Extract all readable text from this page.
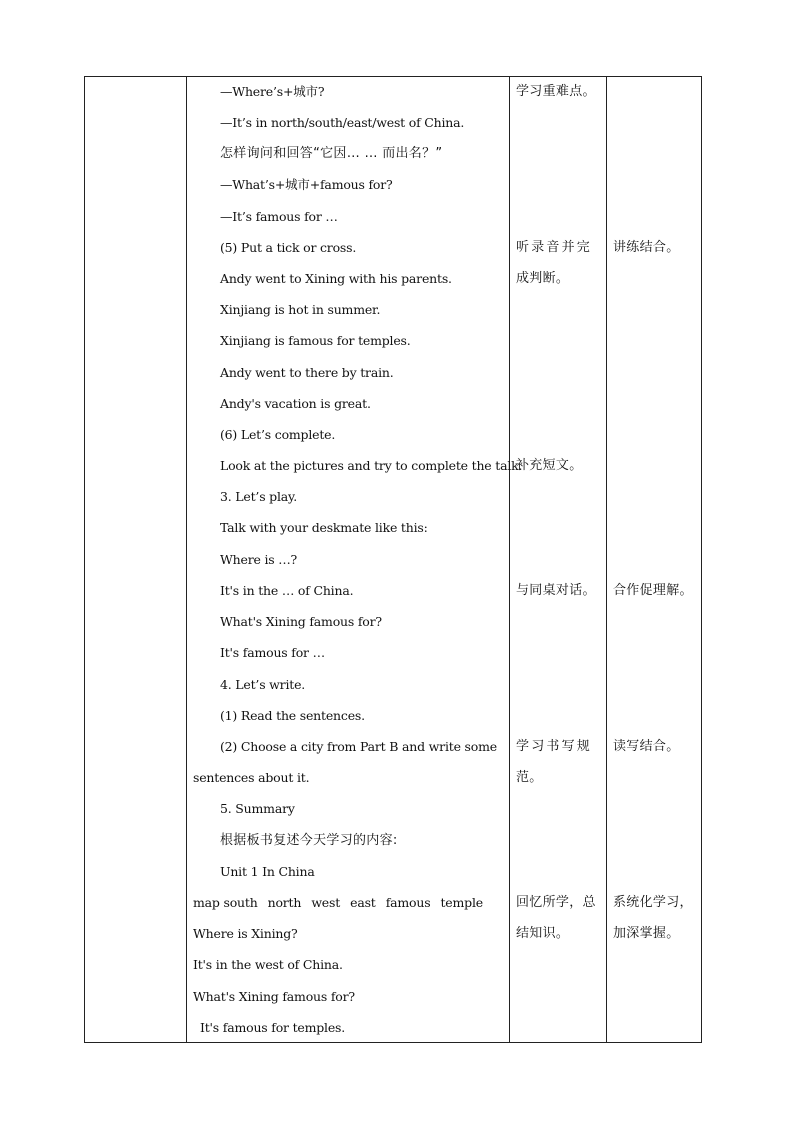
—Where’s+城市?
—It’s in north/south/east/west of China.
怎样询问和回答“它因… … 而出名？”
—What’s+城市+famous for?
—It’s famous for …
(5) Put a tick or cross.
Andy went to Xining with his parents.
Xinjiang is hot in summer.
Xinjiang is famous for temples.
Andy went to there by train.
Andy's vacation is great.
(6) Let’s complete.
Look at the pictures and try to complete the talk.
3. Let’s play.
Talk with your deskmate like this:
Where is …?
It's in the … of China.
What's Xining famous for?
It's famous for …
4. Let’s write.
(1) Read the sentences.
(2) Choose a city from Part B and write some
sentences about it.
5. Summary
根据板书复述今天学习的内容:
Unit 1 In China
map south north west east famous temple
Where is Xining?
It's in the west of China.
What's Xining famous for?
It's famous for temples.
学习重难点。
听录音并完
成判断。
补充短文。
与同桌对话。
学习书写规
范。
回忆所学，总
结知识。
讲练结合。
合作促理解。
读写结合。
系统化学习，
加深掌握。
